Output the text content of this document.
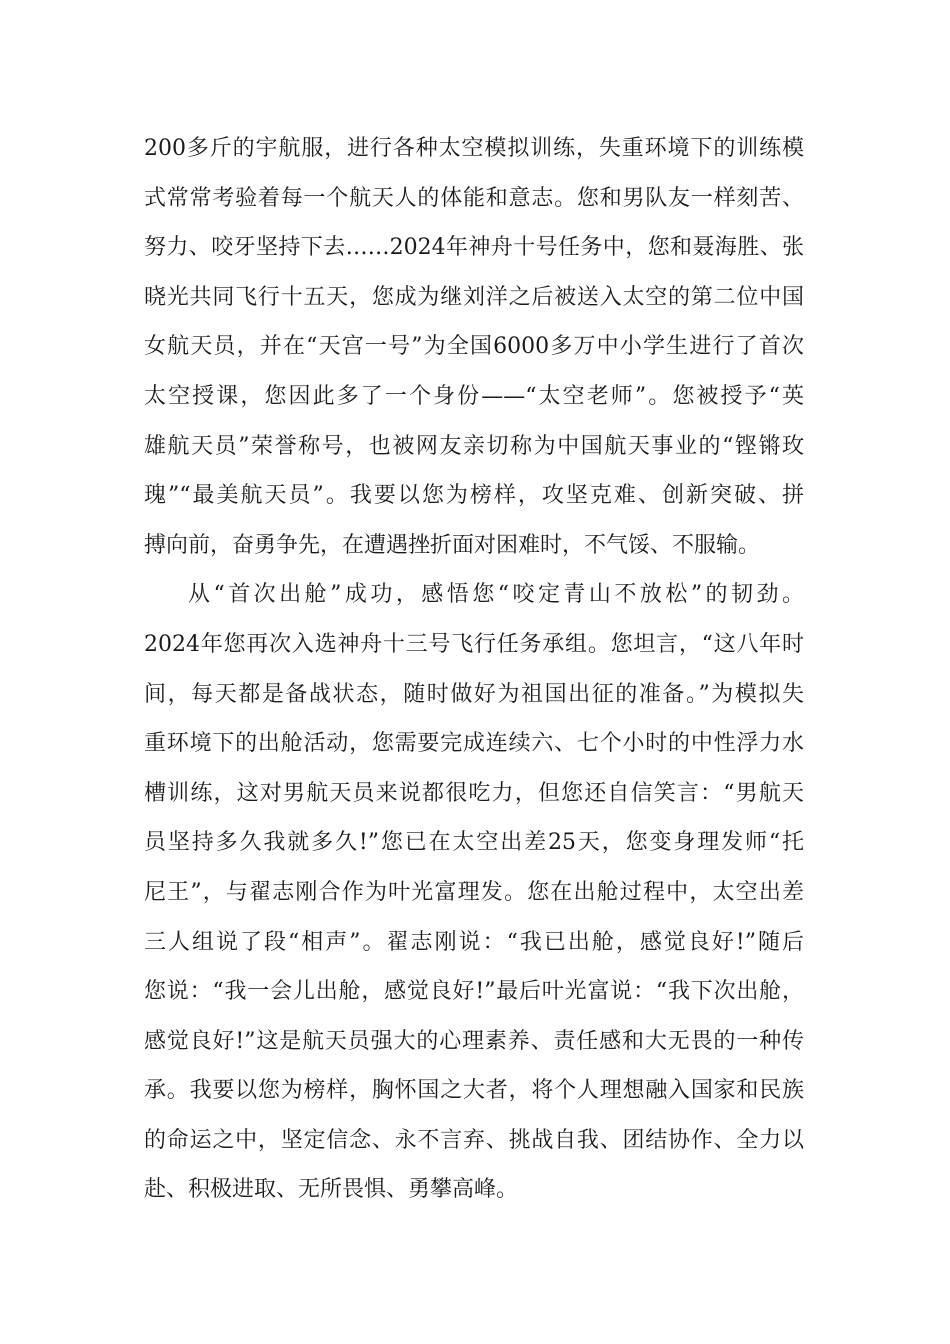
200多斤的宇航服，进行各种太空模拟训练，失重环境下的训练模
式常常考验着每一个航天人的体能和意志。您和男队友一样刻苦、
努力、咬牙坚持下去……2024年神舟十号任务中，您和聂海胜、张
晓光共同飞行十五天，您成为继刘洋之后被送入太空的第二位中国
女航天员，并在“天宫一号”为全国6000多万中小学生进行了首次
太空授课，您因此多了一个身份——“太空老师”。您被授予“英
雄航天员”荣誉称号，也被网友亲切称为中国航天事业的“铿锵玫
瑰”“最美航天员”。我要以您为榜样，攻坚克难、创新突破、拼
搏向前，奋勇争先，在遭遇挫折面对困难时，不气馁、不服输。
从“首次出舱”成功，感悟您“咬定青山不放松”的韧劲。
2024年您再次入选神舟十三号飞行任务承组。您坦言，“这八年时
间，每天都是备战状态，随时做好为祖国出征的准备。”为模拟失
重环境下的出舱活动，您需要完成连续六、七个小时的中性浮力水
槽训练，这对男航天员来说都很吃力，但您还自信笑言：“男航天
员坚持多久我就多久!”您已在太空出差25天，您变身理发师“托
尼王”，与翟志刚合作为叶光富理发。您在出舱过程中，太空出差
三人组说了段“相声”。翟志刚说：“我已出舱，感觉良好!”随后
您说：“我一会儿出舱，感觉良好!”最后叶光富说：“我下次出舱，
感觉良好!”这是航天员强大的心理素养、责任感和大无畏的一种传
承。我要以您为榜样，胸怀国之大者，将个人理想融入国家和民族
的命运之中，坚定信念、永不言弃、挑战自我、团结协作、全力以
赴、积极进取、无所畏惧、勇攀高峰。
